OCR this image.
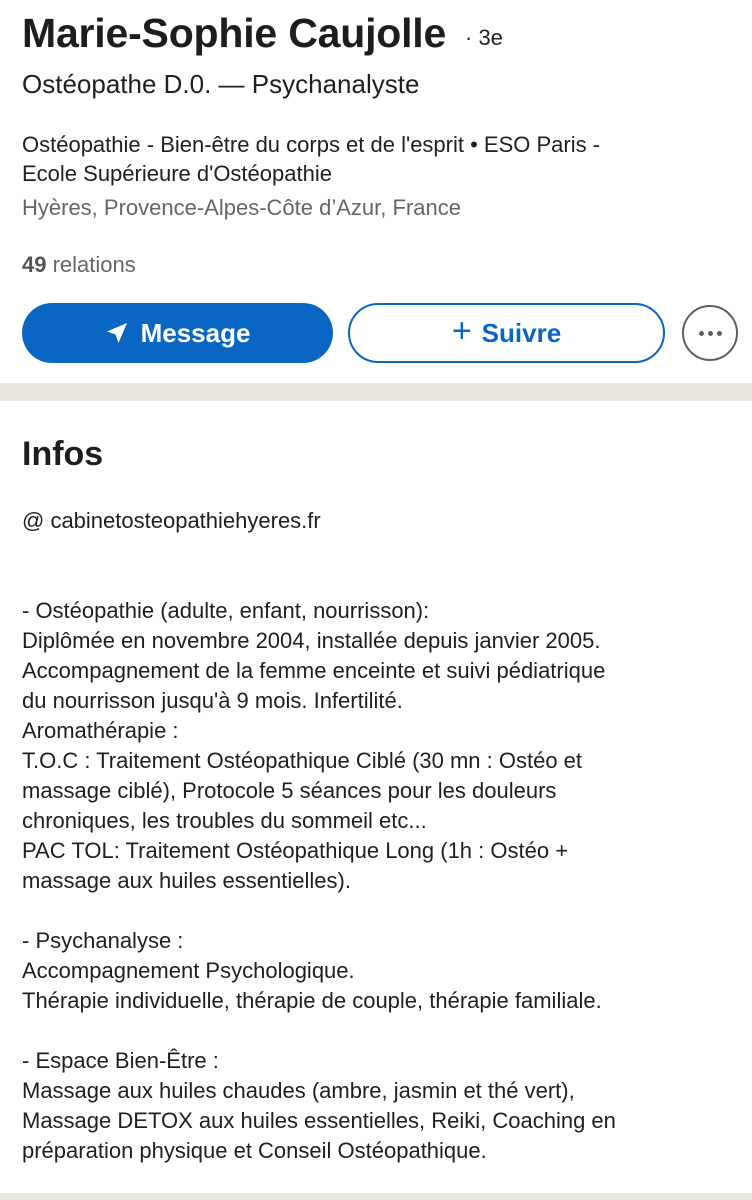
Marie-Sophie Caujolle · 3e
Ostéopathe D.0. — Psychanalyste
Ostéopathie - Bien-être du corps et de l'esprit • ESO Paris -
Ecole Supérieure d'Ostéopathie
Hyères, Provence-Alpes-Côte d’Azur, France
49 relations
Message	+ Suivre
Infos
@ cabinetosteopathiehyeres.fr
- Ostéopathie (adulte, enfant, nourrisson):
Diplômée en novembre 2004, installée depuis janvier 2005.
Accompagnement de la femme enceinte et suivi pédiatrique
du nourrisson jusqu'à 9 mois. Infertilité.
Aromathérapie :
T.O.C : Traitement Ostéopathique Ciblé (30 mn : Ostéo et
massage ciblé), Protocole 5 séances pour les douleurs
chroniques, les troubles du sommeil etc...
PAC TOL: Traitement Ostéopathique Long (1h : Ostéo +
massage aux huiles essentielles).
- Psychanalyse :
Accompagnement Psychologique.
Thérapie individuelle, thérapie de couple, thérapie familiale.
- Espace Bien-Être :
Massage aux huiles chaudes (ambre, jasmin et thé vert),
Massage DETOX aux huiles essentielles, Reiki, Coaching en
préparation physique et Conseil Ostéopathique.
